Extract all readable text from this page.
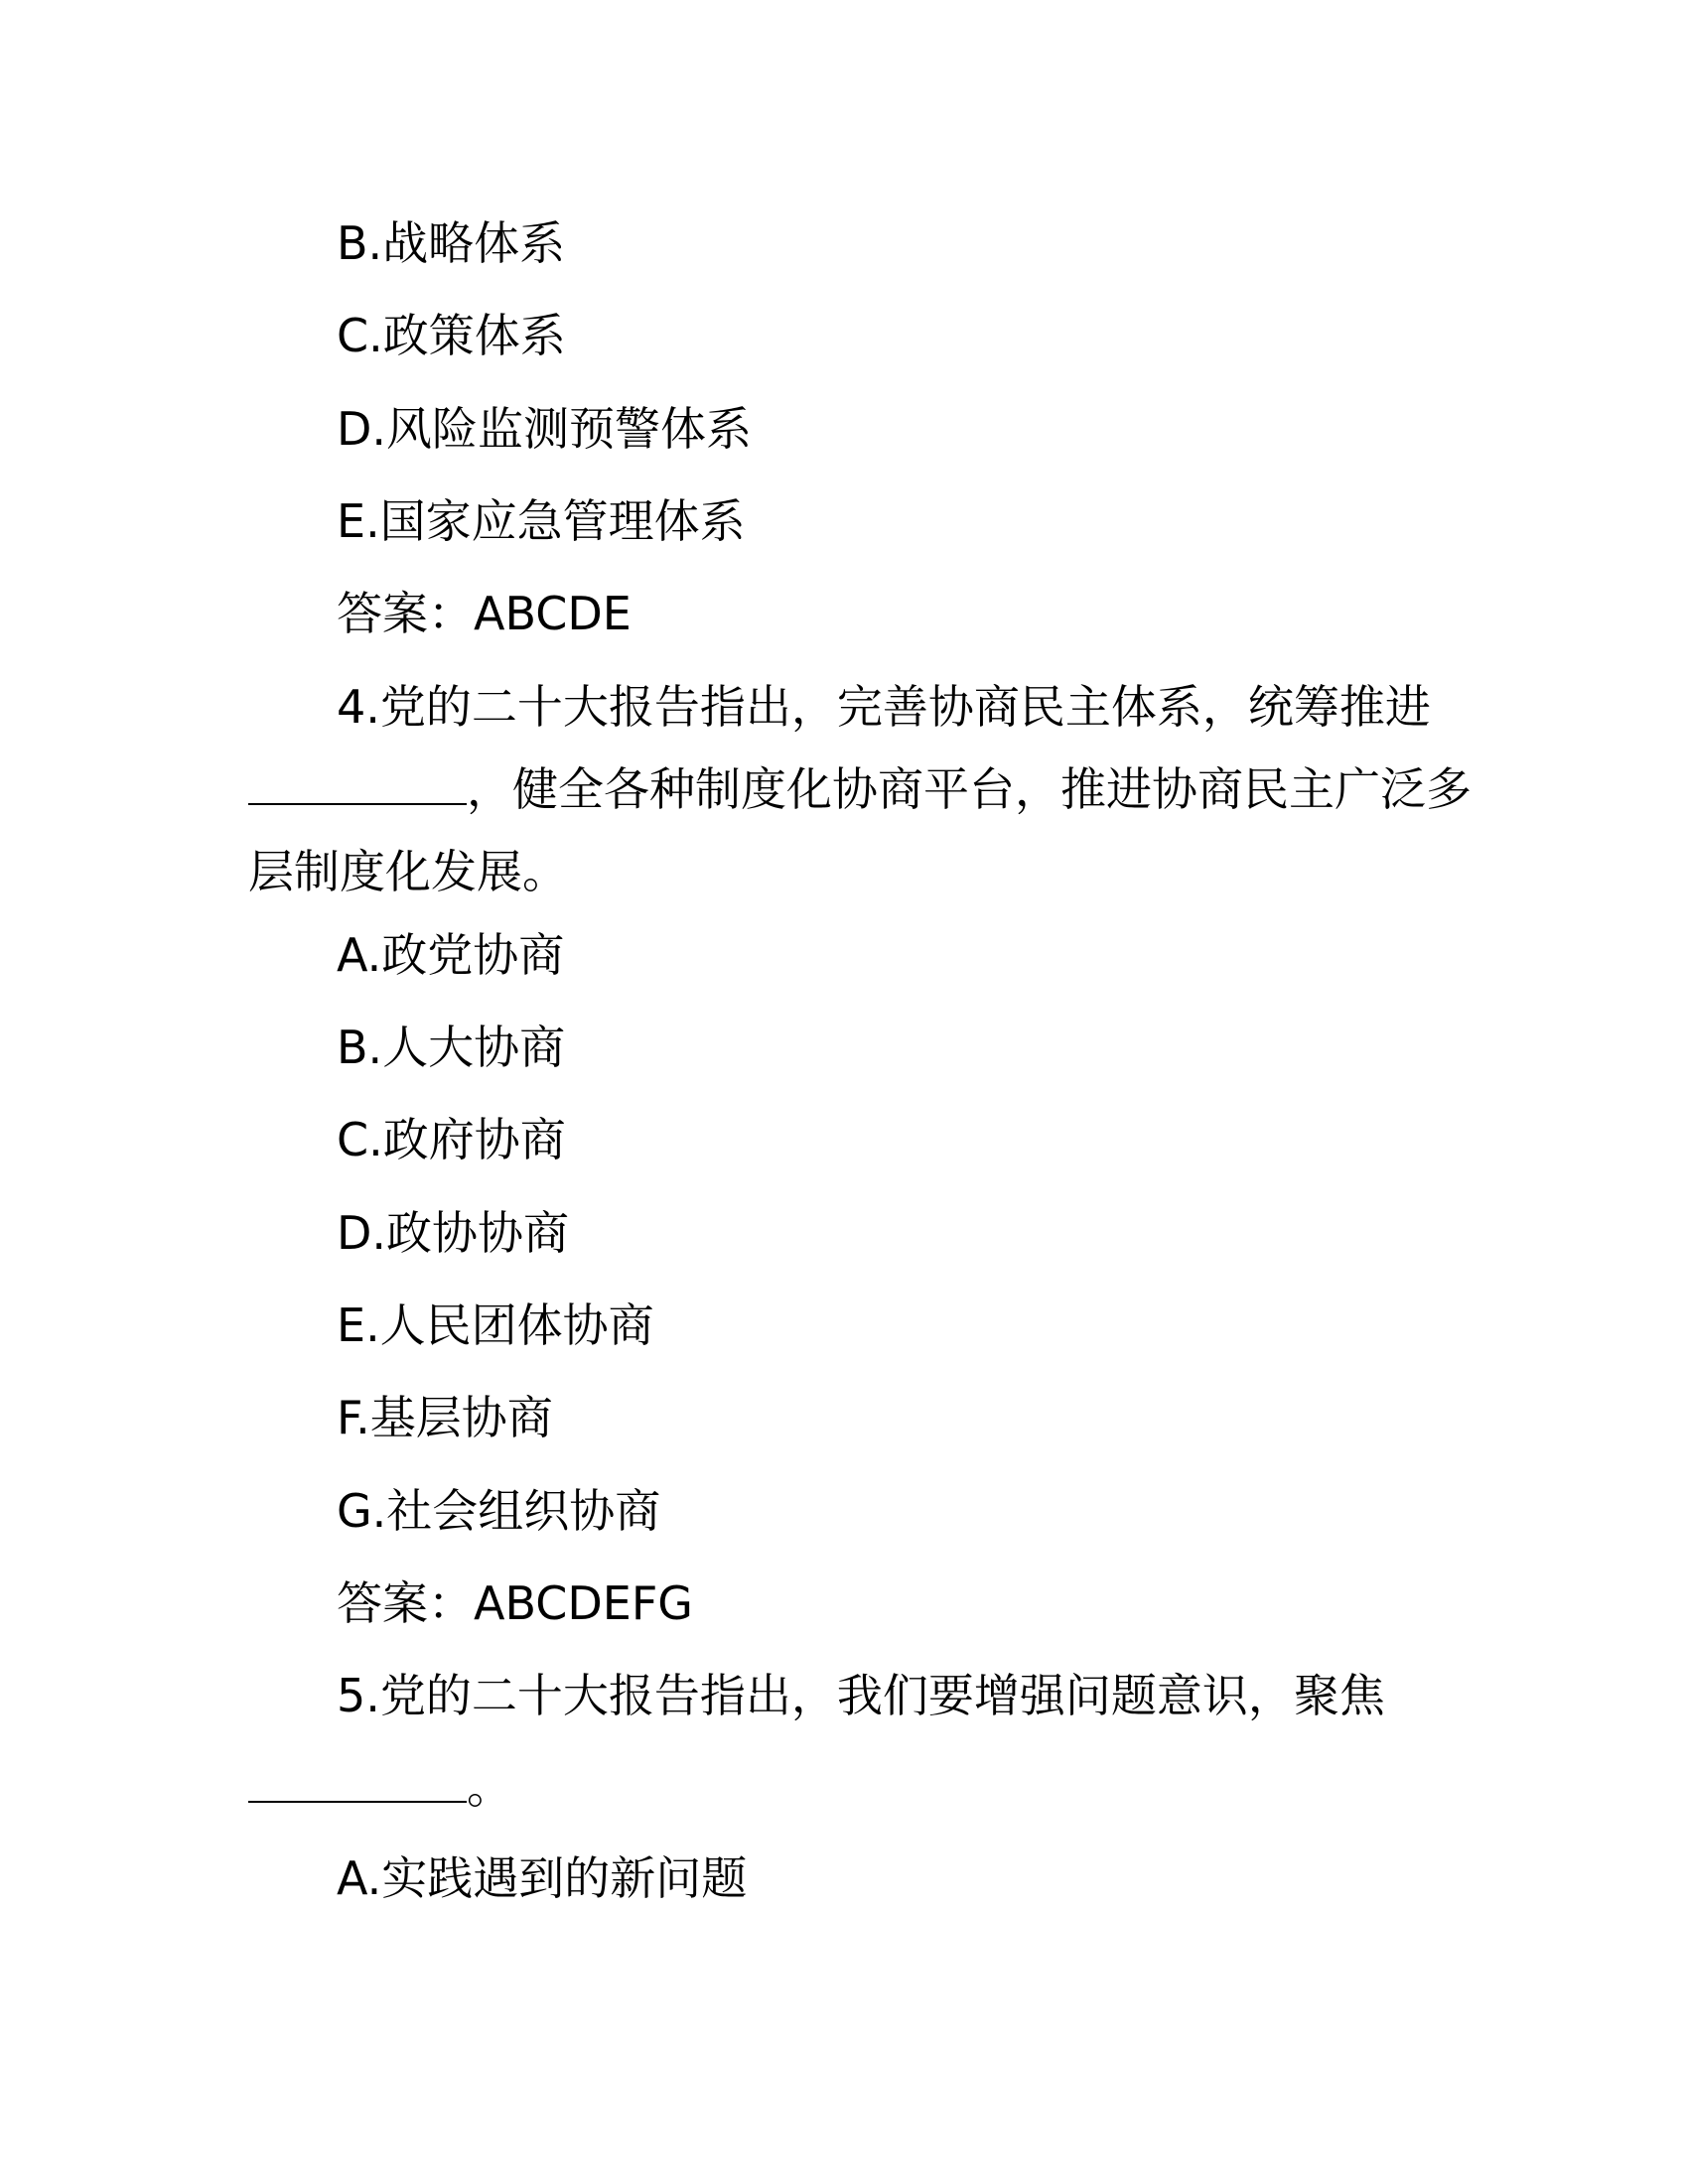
B.战略体系
C.政策体系
D.风险监测预警体系
E.国家应急管理体系
答案：ABCDE
4.党的二十大报告指出，完善协商民主体系，统筹推进
，健全各种制度化协商平台，推进协商民主广泛多
层制度化发展。
A.政党协商
B.人大协商
C.政府协商
D.政协协商
E.人民团体协商
F.基层协商
G.社会组织协商
答案：ABCDEFG
5.党的二十大报告指出，我们要增强问题意识，聚焦
。
A.实践遇到的新问题
